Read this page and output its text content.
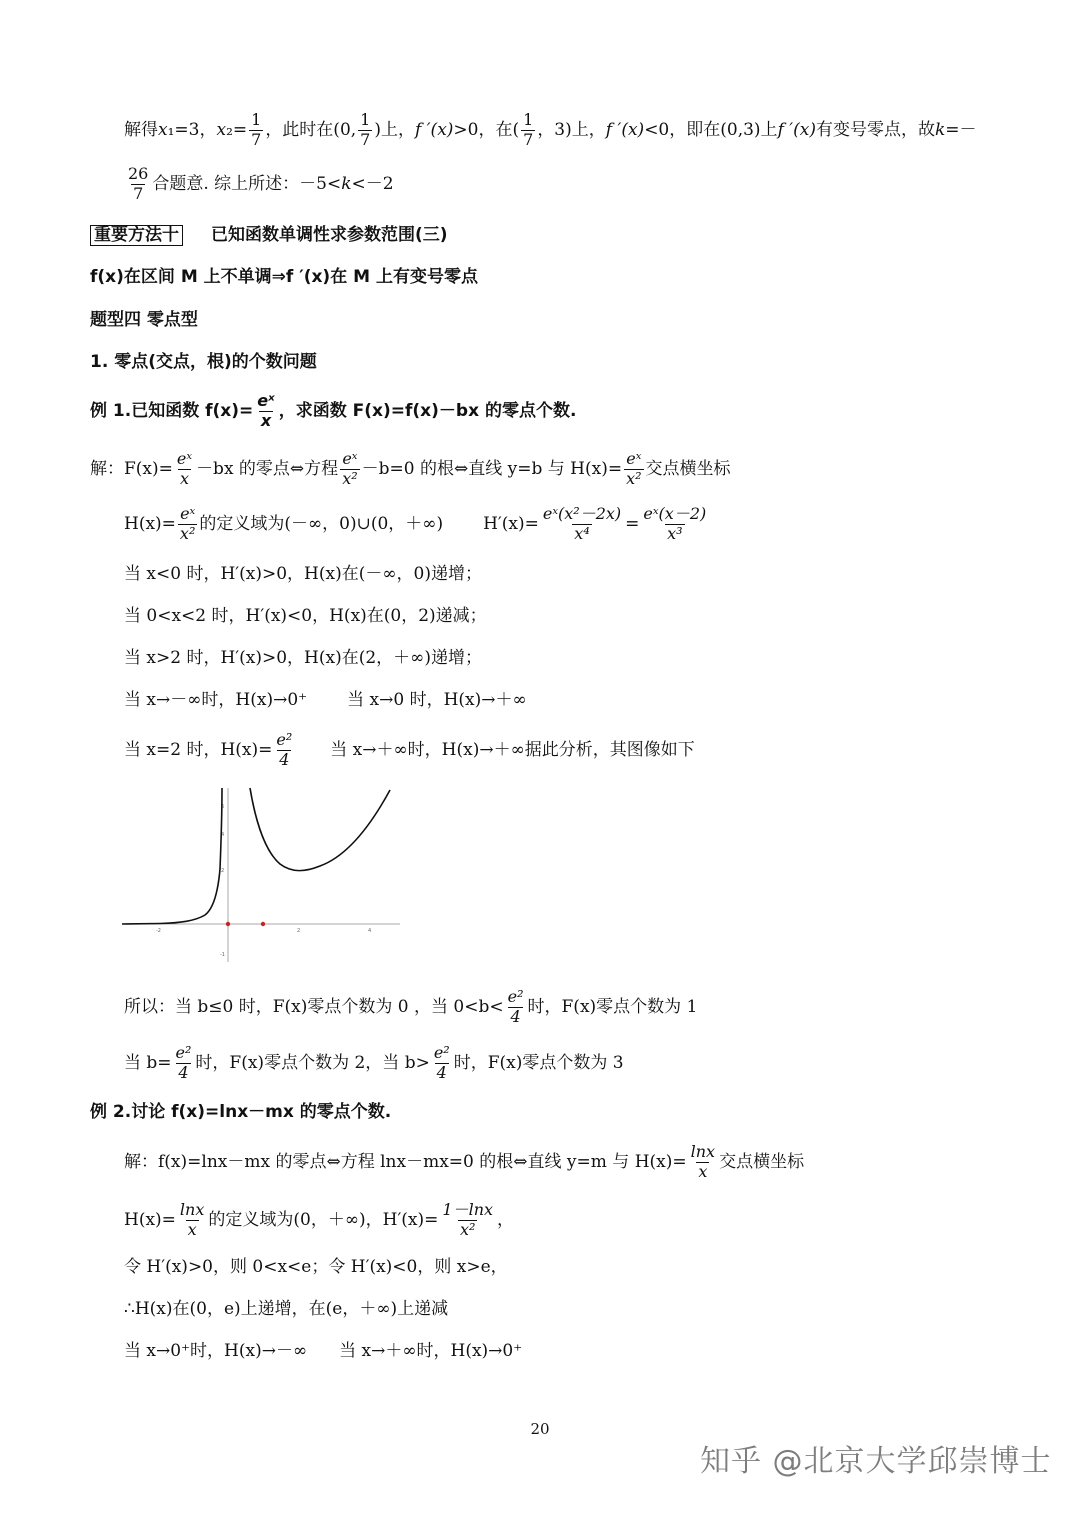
解得 x ₁=3， x $_2= \frac{1}{7}$ ，此时在(0, $\frac{1}{7}$ )上， f ′(x) >0，在( $\frac{1}{7}$ ，3)上， f ′(x) <0，即在(0,3)上 f ′(x) 有变号零点，故 k =－
$\frac{26}{7}$ 合题意. 综上所述：－5< k <－2
重要方法十 已知函数单调性求参数范围(三)
f(x)在区间 M 上不单调⇒f ′(x)在 M 上有变号零点
题型四 零点型
1. 零点(交点，根)的个数问题
例 1.已知函数 $f(x)= \frac{\text{eˣ}}{x}$ ，求函数 F(x)=f(x)－bx 的零点个数.
解：$F(x)= \frac{\text{eˣ}}{x} -bx$ 的零点⇔方程 $\frac{\text{eˣ}}{\text{x²}} -b=0$ 的根⇔直线 y=b 与 $H(x)= \frac{\text{eˣ}}{\text{x²}}$ 交点横坐标
$H(x)= \frac{\text{eˣ}}{\text{x²}}$ 的定义域为(－∞，0)∪(0，＋∞) $H'(x)= \frac{\text{eˣ(x²－2x)}}{\text{x⁴}} = \frac{\text{eˣ(x－2)}}{\text{x³}}$
当 x<0 时，H′(x)>0，H(x)在(－∞，0)递增；
当 0<x<2 时，H′(x)<0，H(x)在(0，2)递减；
当 x>2 时，H′(x)>0，H(x)在(2，＋∞)递增；
当 x→－∞时，H(x)→0⁺ 当 x→0 时，H(x)→＋∞
当 x=2 时，$H(x)= \frac{\text{e²}}{4}$ 当 x→＋∞时，H(x)→＋∞据此分析，其图像如下
-2	2	4
2
4
6
-1
所以：当 b≤0 时，F(x)零点个数为 0 ，当 $0<b< \frac{\text{e²}}{4}$ 时，F(x)零点个数为 1
当 $b= \frac{\text{e²}}{4}$ 时，F(x)零点个数为 2，当 $b> \frac{\text{e²}}{4}$ 时，F(x)零点个数为 3
例 2.讨论 f(x)=lnx－mx 的零点个数.
解：f(x)=lnx－mx 的零点⇔方程 lnx－mx=0 的根⇔直线 y=m 与 $H(x)= \frac{\ln x}{x}$ 交点横坐标
$H(x)= \frac{\ln x}{x}$ 的定义域为(0，＋∞)，$H'(x)= \frac{1-\ln x}{\text{x²}}$ ，
令 H′(x)>0，则 0<x<e；令 H′(x)<0，则 x>e，
∴H(x)在(0，e)上递增，在(e，＋∞)上递减
当 x→0⁺时，H(x)→－∞ 当 x→＋∞时，H(x)→0⁺
20
知乎 @北京大学邱崇博士
